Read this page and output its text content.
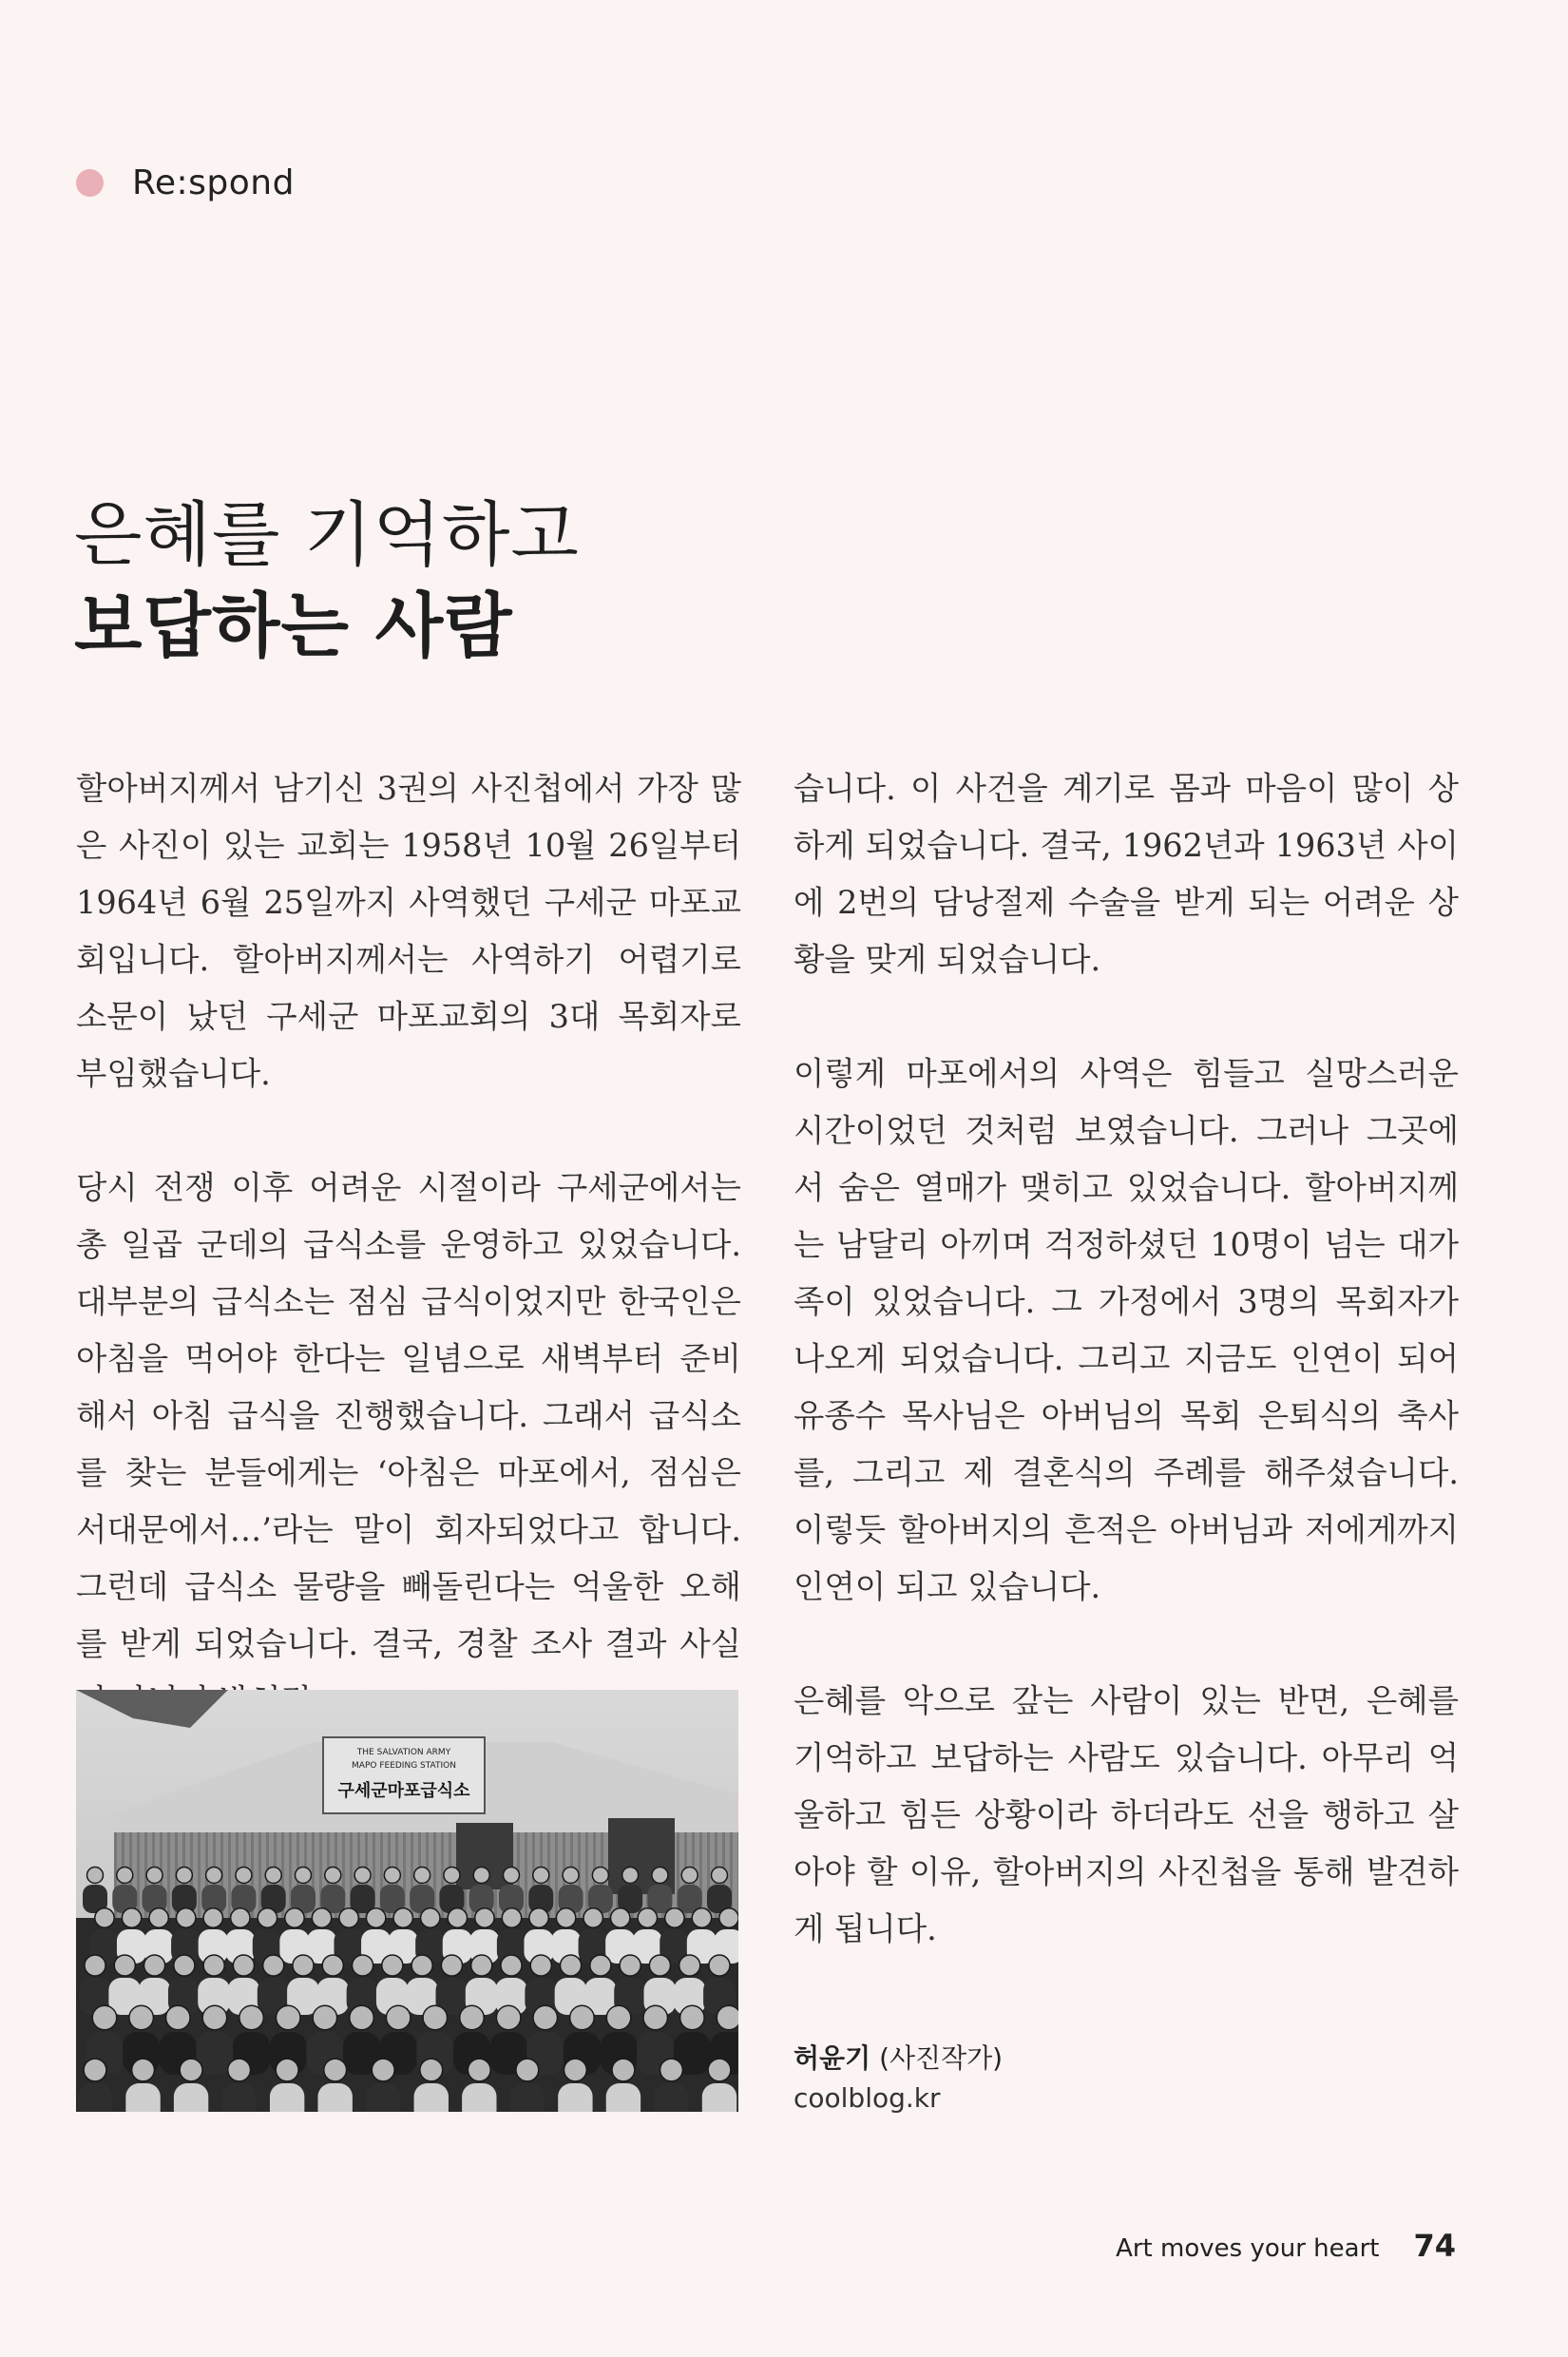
Re:spond
은혜를 기억하고
보답하는 사람

할아버지께서 남기신 3권의 사진첩에서 가장 많은 사진이 있는 교회는 1958년 10월 26일부터 1964년 6월 25일까지 사역했던 구세군 마포교회입니다. 할아버지께서는 사역하기 어렵기로 소문이 났던 구세군 마포교회의 3대 목회자로 부임했습니다.

당시 전쟁 이후 어려운 시절이라 구세군에서는 총 일곱 군데의 급식소를 운영하고 있었습니다. 대부분의 급식소는 점심 급식이었지만 한국인은 아침을 먹어야 한다는 일념으로 새벽부터 준비해서 아침 급식을 진행했습니다. 그래서 급식소를 찾는 분들에게는 ‘아침은 마포에서, 점심은 서대문에서…’라는 말이 회자되었다고 합니다. 그런데 급식소 물량을 빼돌린다는 억울한 오해를 받게 되었습니다. 결국, 경찰 조사 결과 사실

습니다. 이 사건을 계기로 몸과 마음이 많이 상하게 되었습니다. 결국, 1962년과 1963년 사이에 2번의 담낭절제 수술을 받게 되는 어려운 상황을 맞게 되었습니다.

이렇게 마포에서의 사역은 힘들고 실망스러운 시간이었던 것처럼 보였습니다. 그러나 그곳에서 숨은 열매가 맺히고 있었습니다. 할아버지께는 남달리 아끼며 걱정하셨던 10명이 넘는 대가족이 있었습니다. 그 가정에서 3명의 목회자가 나오게 되었습니다. 그리고 지금도 인연이 되어 유종수 목사님은 아버님의 목회 은퇴식의 축사를, 그리고 제 결혼식의 주례를 해주셨습니다. 이렇듯 할아버지의 흔적은 아버님과 저에게까지 인연이 되고 있습니다.

은혜를 악으로 갚는 사람이 있는 반면, 은혜를 기억하고 보답하는 사람도 있습니다. 아무리 억울하고 힘든 상황이라 하더라도 선을 행하고 살아야 할 이유, 할아버지의 사진첩을 통해 발견하게 됩니다.

THE SALVATION ARMY
MAPO FEEDING STATION
구세군마포급식소
허윤기 (사진작가)
coolblog.kr
Art moves your heart 74
